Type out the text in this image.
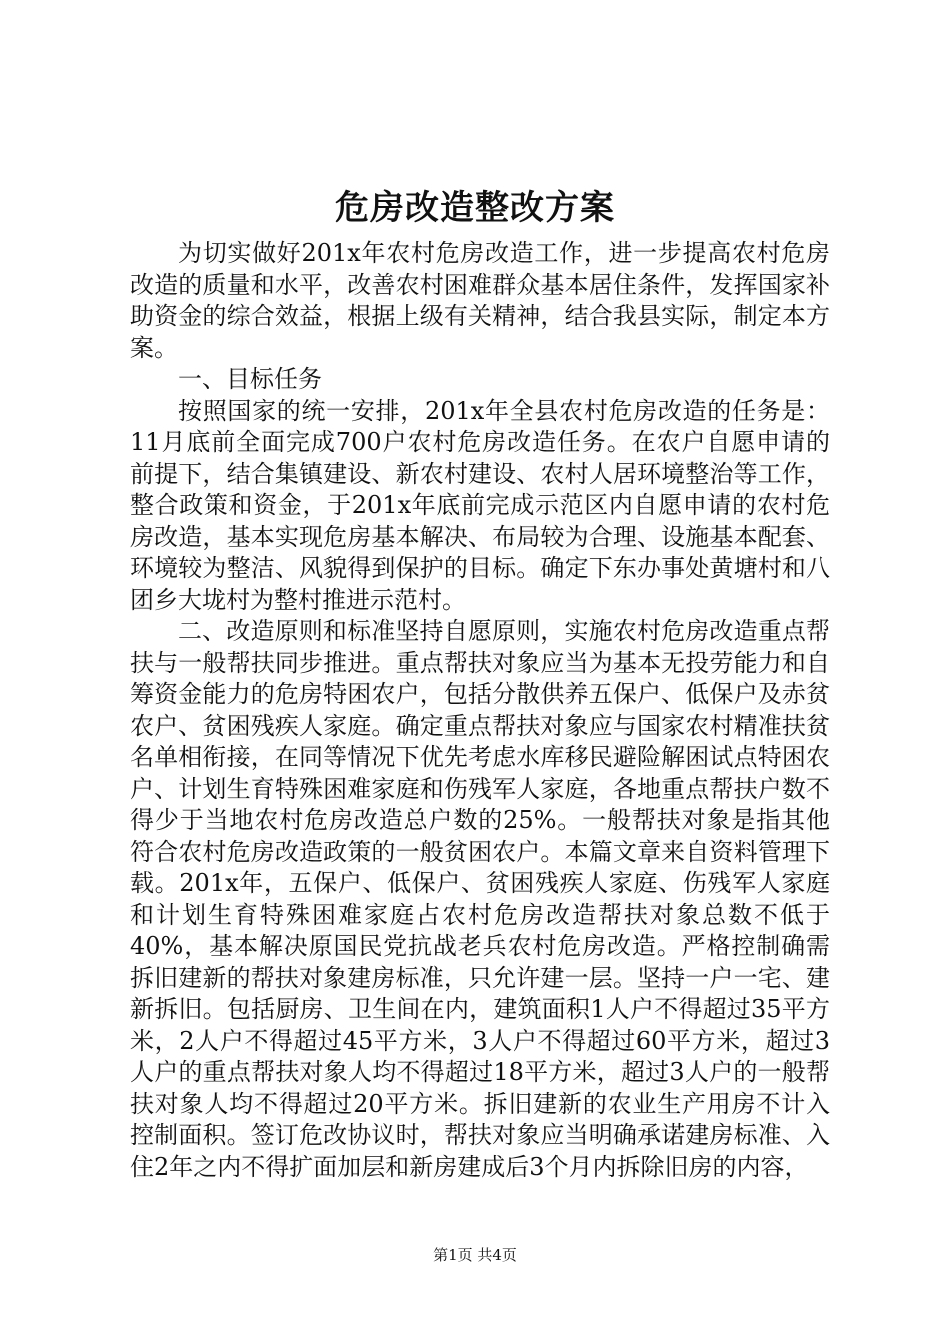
危房改造整改方案

为切实做好201x年农村危房改造工作，进一步提高农村危房改造的质量和水平，改善农村困难群众基本居住条件，发挥国家补助资金的综合效益，根据上级有关精神，结合我县实际，制定本方案。

一、目标任务

按照国家的统一安排，201x年全县农村危房改造的任务是：11月底前全面完成700户农村危房改造任务。在农户自愿申请的前提下，结合集镇建设、新农村建设、农村人居环境整治等工作，整合政策和资金，于201x年底前完成示范区内自愿申请的农村危房改造，基本实现危房基本解决、布局较为合理、设施基本配套、环境较为整洁、风貌得到保护的目标。确定下东办事处黄塘村和八团乡大垅村为整村推进示范村。

二、改造原则和标准坚持自愿原则，实施农村危房改造重点帮扶与一般帮扶同步推进。重点帮扶对象应当为基本无投劳能力和自筹资金能力的危房特困农户，包括分散供养五保户、低保户及赤贫农户、贫困残疾人家庭。确定重点帮扶对象应与国家农村精准扶贫名单相衔接，在同等情况下优先考虑水库移民避险解困试点特困农户、计划生育特殊困难家庭和伤残军人家庭，各地重点帮扶户数不得少于当地农村危房改造总户数的25%。一般帮扶对象是指其他符合农村危房改造政策的一般贫困农户。本篇文章来自资料管理下载。201x年，五保户、低保户、贫困残疾人家庭、伤残军人家庭和计划生育特殊困难家庭占农村危房改造帮扶对象总数不低于40%，基本解决原国民党抗战老兵农村危房改造。严格控制确需拆旧建新的帮扶对象建房标准，只允许建一层。坚持一户一宅、建新拆旧。包括厨房、卫生间在内，建筑面积1人户不得超过35平方米，2人户不得超过45平方米，3人户不得超过60平方米，超过3人户的重点帮扶对象人均不得超过18平方米，超过3人户的一般帮扶对象人均不得超过20平方米。拆旧建新的农业生产用房不计入控制面积。签订危改协议时，帮扶对象应当明确承诺建房标准、入住2年之内不得扩面加层和新房建成后3个月内拆除旧房的内容，

第1页 共4页
